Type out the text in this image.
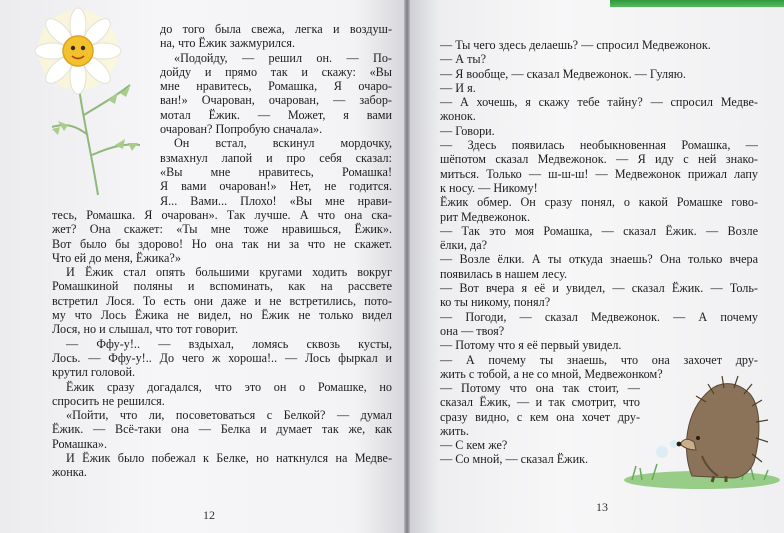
до того была свежа, легка и воздуш-
на, что Ёжик зажмурился.
«Подойду, — решил он. — По-
дойду и прямо так и скажу: «Вы
мне нравитесь, Ромашка, Я очаро-
ван!» Очарован, очарован, — забор-
мотал Ёжик. — Может, я вами
очарован? Попробую сначала».
Он встал, вскинул мордочку,
взмахнул лапой и про себя сказал:
«Вы мне нравитесь, Ромашка!
Я вами очарован!» Нет, не годится.
Я... Вами... Плохо! «Вы мне нрави-
тесь, Ромашка. Я очарован». Так лучше. А что она ска-
жет? Она скажет: «Ты мне тоже нравишься, Ёжик».
Вот было бы здорово! Но она так ни за что не скажет.
Что ей до меня, Ёжика?»
И Ёжик стал опять большими кругами ходить вокруг
Ромашкиной поляны и вспоминать, как на рассвете
встретил Лося. То есть они даже и не встретились, пото-
му что Лось Ёжика не видел, но Ёжик не только видел
Лося, но и слышал, что тот говорит.
— Ффу-у!.. — вздыхал, ломясь сквозь кусты,
Лось. — Ффу-у!.. До чего ж хороша!.. — Лось фыркал и
крутил головой.
Ёжик сразу догадался, что это он о Ромашке, но
спросить не решился.
«Пойти, что ли, посоветоваться с Белкой? — думал
Ёжик. — Всё-таки она — Белка и думает так же, как
Ромашка».
И Ёжик было побежал к Белке, но наткнулся на Медве-
жонка.
12
— Ты чего здесь делаешь? — спросил Медвежонок.
— А ты?
— Я вообще, — сказал Медвежонок. — Гуляю.
— И я.
— А хочешь, я скажу тебе тайну? — спросил Медве-
жонок.
— Говори.
— Здесь появилась необыкновенная Ромашка, —
шёпотом сказал Медвежонок. — Я иду с ней знако-
миться. Только — ш-ш-ш! — Медвежонок прижал лапу
к носу. — Никому!
Ёжик обмер. Он сразу понял, о какой Ромашке гово-
рит Медвежонок.
— Так это моя Ромашка, — сказал Ёжик. — Возле
ёлки, да?
— Возле ёлки. А ты откуда знаешь? Она только вчера
появилась в нашем лесу.
— Вот вчера я её и увидел, — сказал Ёжик. — Толь-
ко ты никому, понял?
— Погоди, — сказал Медвежонок. — А почему
она — твоя?
— Потому что я её первый увидел.
— А почему ты знаешь, что она захочет дру-
жить с тобой, а не со мной, Медвежонком?
— Потому что она так стоит, —
сказал Ёжик, — и так смотрит, что
сразу видно, с кем она хочет дру-
жить.
— С кем же?
— Со мной, — сказал Ёжик.
13
